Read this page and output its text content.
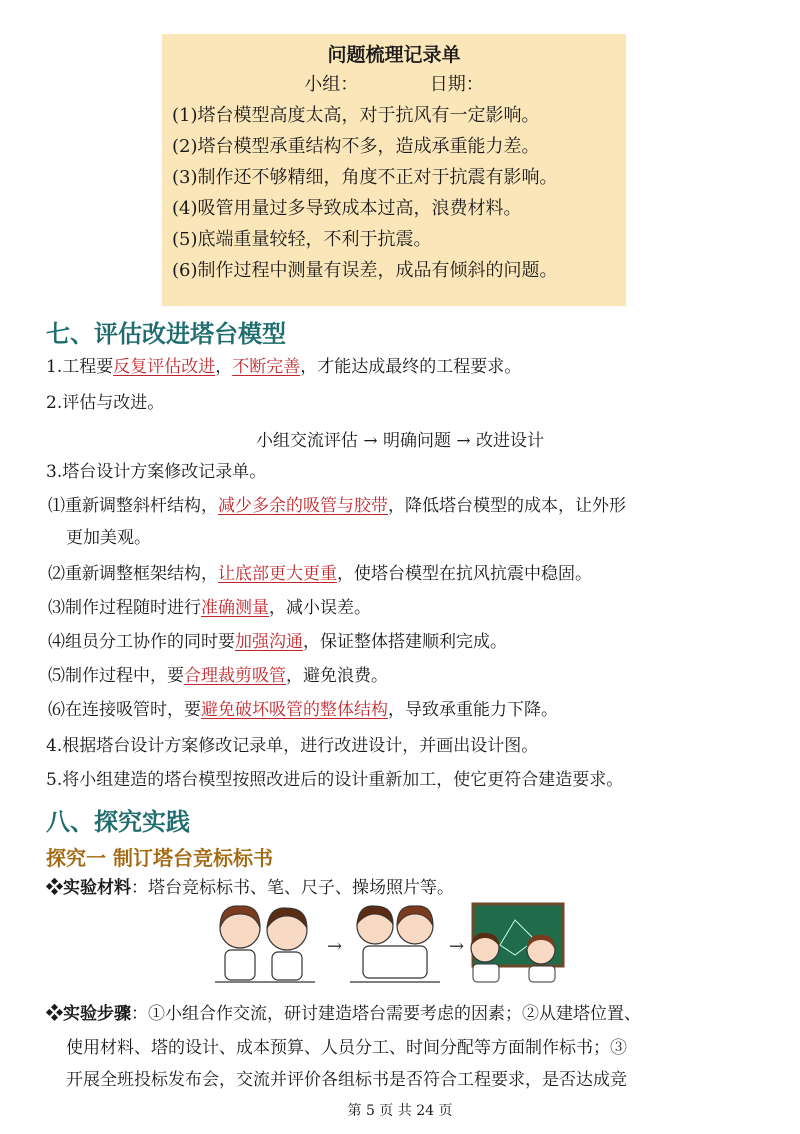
问题梳理记录单
小组：	日期：
(1)塔台模型高度太高，对于抗风有一定影响。
(2)塔台模型承重结构不多，造成承重能力差。
(3)制作还不够精细，角度不正对于抗震有影响。
(4)吸管用量过多导致成本过高，浪费材料。
(5)底端重量较轻，不利于抗震。
(6)制作过程中测量有误差，成品有倾斜的问题。
七、评估改进塔台模型
1.工程要反复评估改进，不断完善，才能达成最终的工程要求。
2.评估与改进。
小组交流评估 → 明确问题 → 改进设计
3.塔台设计方案修改记录单。
⑴重新调整斜杆结构，减少多余的吸管与胶带，降低塔台模型的成本，让外形
更加美观。
⑵重新调整框架结构，让底部更大更重，使塔台模型在抗风抗震中稳固。
⑶制作过程随时进行准确测量，减小误差。
⑷组员分工协作的同时要加强沟通，保证整体搭建顺利完成。
⑸制作过程中，要合理裁剪吸管，避免浪费。
⑹在连接吸管时，要避免破坏吸管的整体结构，导致承重能力下降。
4.根据塔台设计方案修改记录单，进行改进设计，并画出设计图。
5.将小组建造的塔台模型按照改进后的设计重新加工，使它更符合建造要求。
八、探究实践
探究一 制订塔台竞标标书
❖实验材料：塔台竞标标书、笔、尺子、操场照片等。
→	→
❖实验步骤：①小组合作交流，研讨建造塔台需要考虑的因素；②从建塔位置、
使用材料、塔的设计、成本预算、人员分工、时间分配等方面制作标书；③
开展全班投标发布会，交流并评价各组标书是否符合工程要求，是否达成竞
第 5 页 共 24 页
